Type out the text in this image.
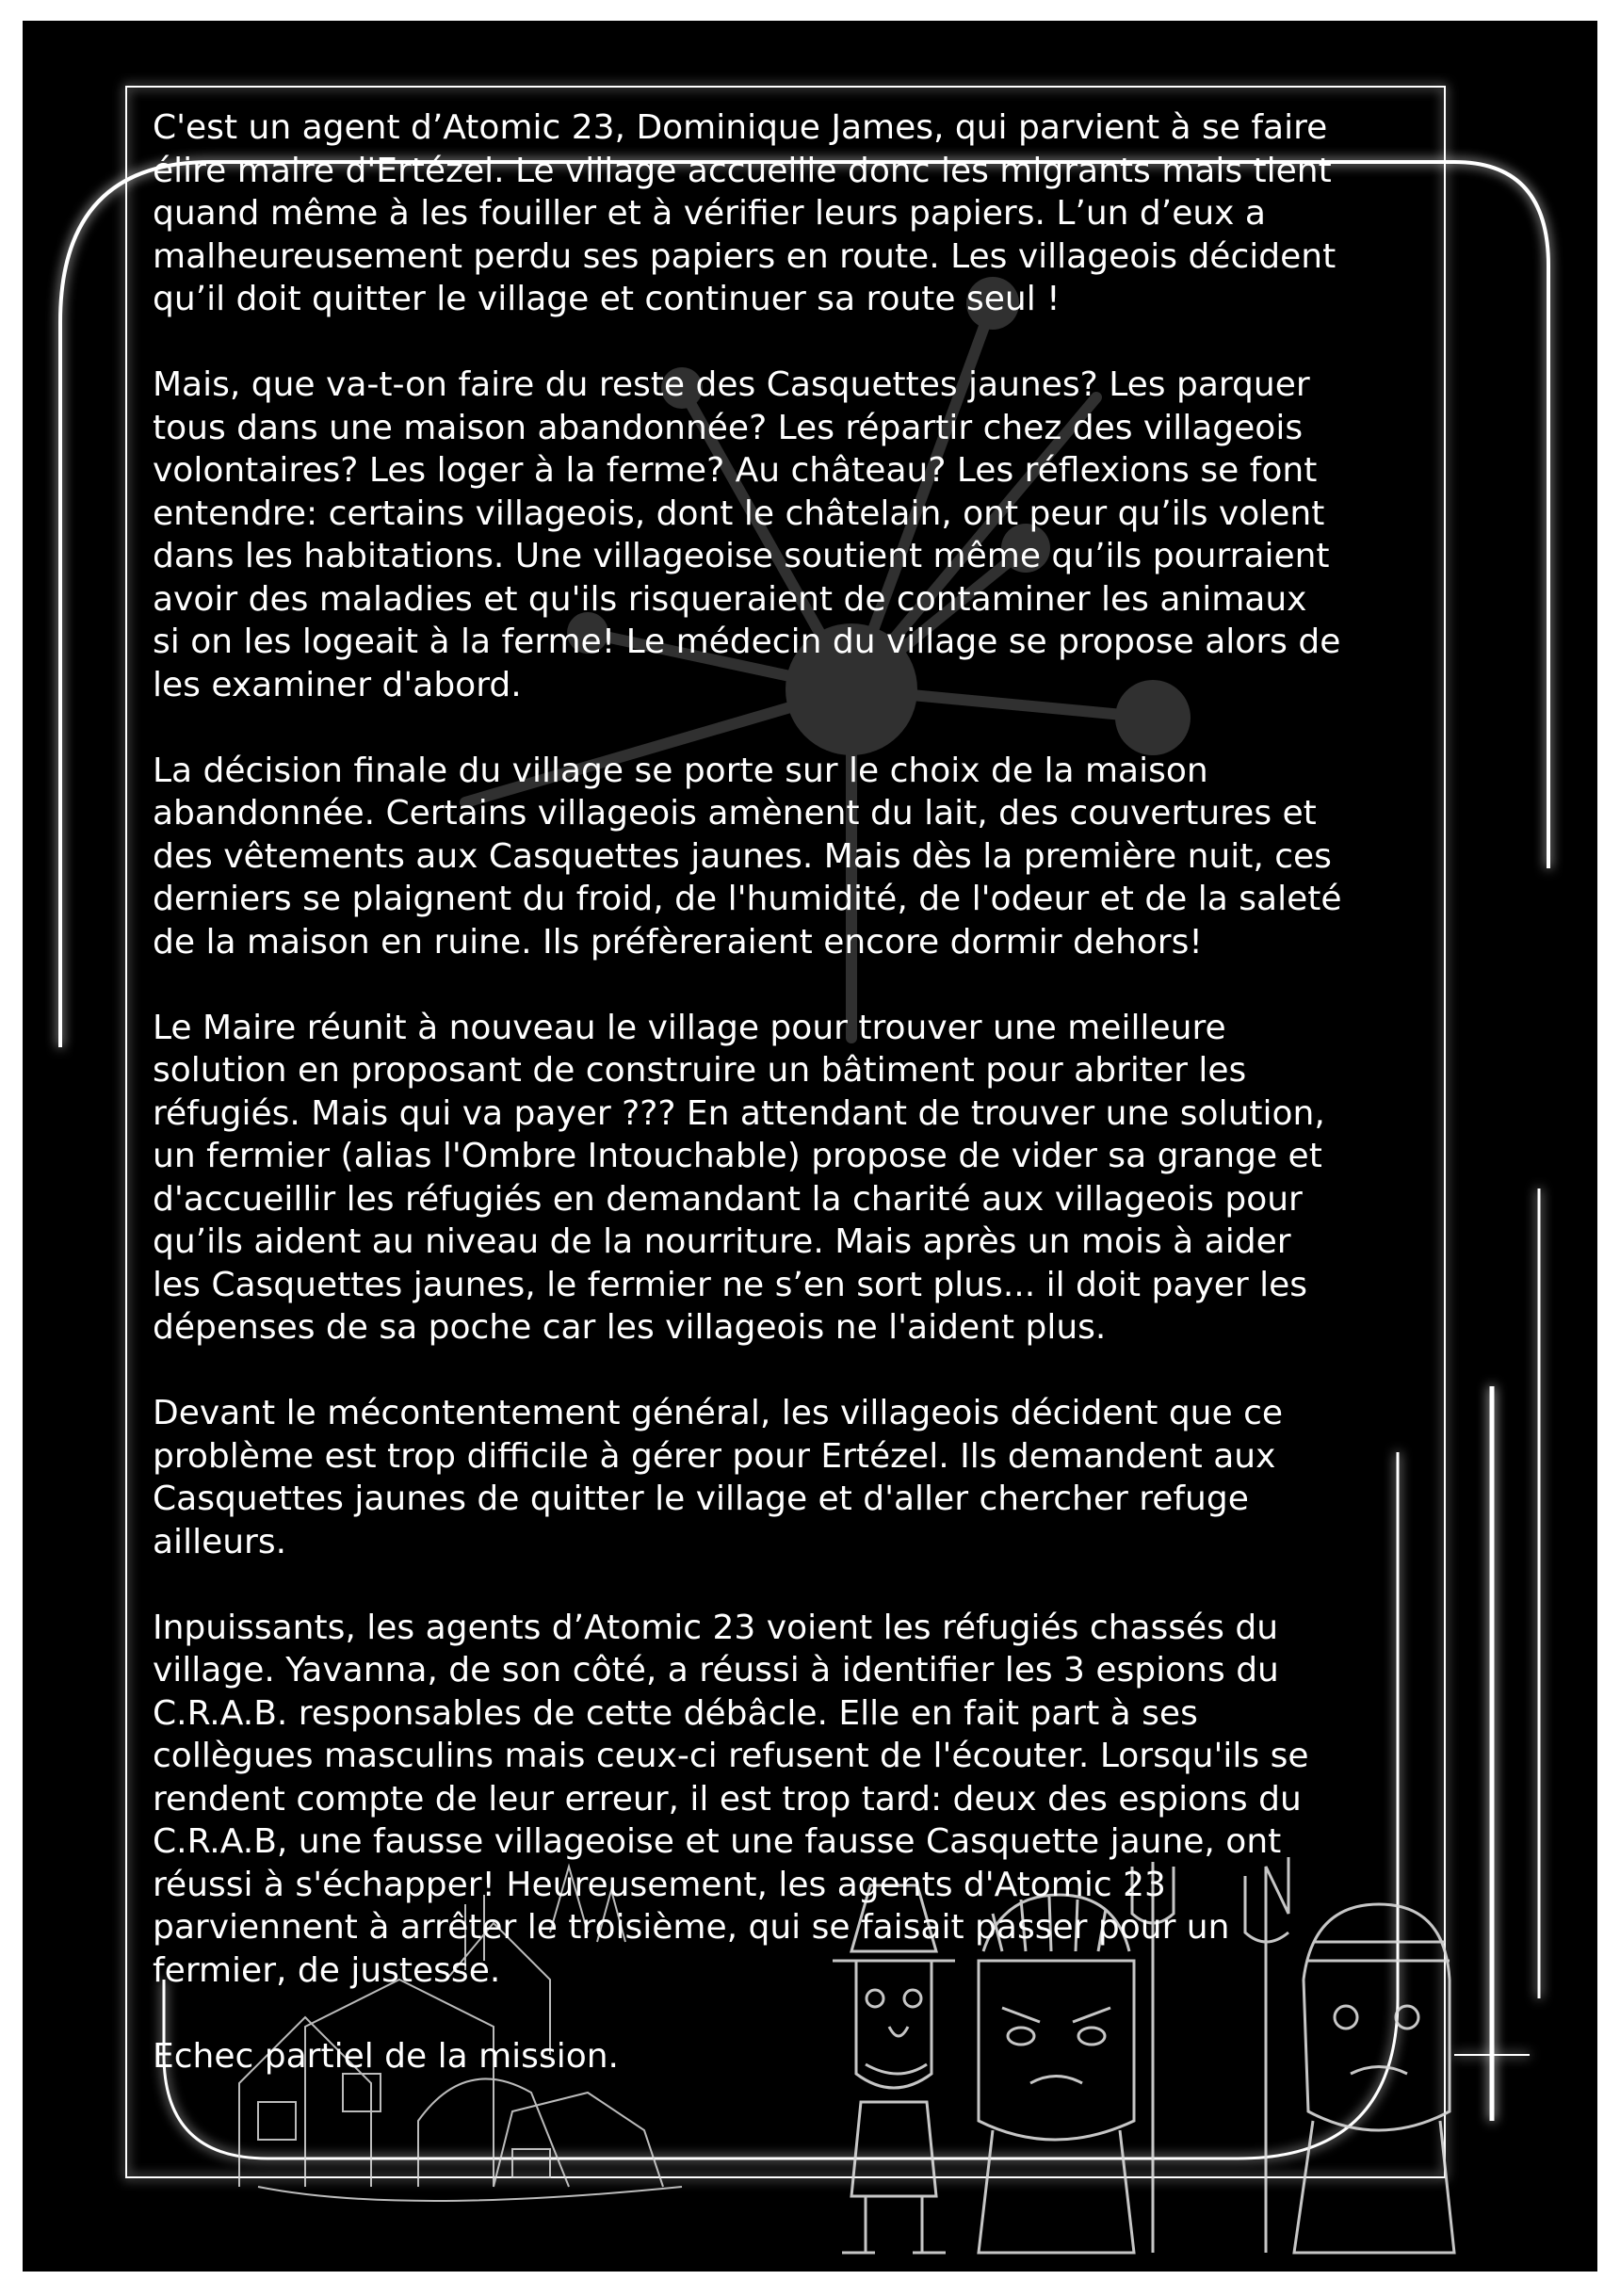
C'est un agent d’Atomic 23, Dominique James, qui parvient à se faire
élire maire d'Ertézel. Le village accueille donc les migrants mais tient
quand même à les fouiller et à vérifier leurs papiers. L’un d’eux a
malheureusement perdu ses papiers en route. Les villageois décident
qu’il doit quitter le village et continuer sa route seul !

Mais, que va-t-on faire du reste des Casquettes jaunes? Les parquer
tous dans une maison abandonnée? Les répartir chez des villageois
volontaires? Les loger à la ferme? Au château? Les réflexions se font
entendre: certains villageois, dont le châtelain, ont peur qu’ils volent
dans les habitations. Une villageoise soutient même qu’ils pourraient
avoir des maladies et qu'ils risqueraient de contaminer les animaux
si on les logeait à la ferme! Le médecin du village se propose alors de
les examiner d'abord.

La décision finale du village se porte sur le choix de la maison
abandonnée. Certains villageois amènent du lait, des couvertures et
des vêtements aux Casquettes jaunes. Mais dès la première nuit, ces
derniers se plaignent du froid, de l'humidité, de l'odeur et de la saleté
de la maison en ruine. Ils préfèreraient encore dormir dehors!

Le Maire réunit à nouveau le village pour trouver une meilleure
solution en proposant de construire un bâtiment pour abriter les
réfugiés. Mais qui va payer ??? En attendant de trouver une solution,
un fermier (alias l'Ombre Intouchable) propose de vider sa grange et
d'accueillir les réfugiés en demandant la charité aux villageois pour
qu’ils aident au niveau de la nourriture. Mais après un mois à aider
les Casquettes jaunes, le fermier ne s’en sort plus... il doit payer les
dépenses de sa poche car les villageois ne l'aident plus.

Devant le mécontentement général, les villageois décident que ce
problème est trop difficile à gérer pour Ertézel. Ils demandent aux
Casquettes jaunes de quitter le village et d'aller chercher refuge
ailleurs.

Inpuissants, les agents d’Atomic 23 voient les réfugiés chassés du
village. Yavanna, de son côté, a réussi à identifier les 3 espions du
C.R.A.B. responsables de cette débâcle. Elle en fait part à ses
collègues masculins mais ceux-ci refusent de l'écouter. Lorsqu'ils se
rendent compte de leur erreur, il est trop tard: deux des espions du
C.R.A.B, une fausse villageoise et une fausse Casquette jaune, ont
réussi à s'échapper! Heureusement, les agents d'Atomic 23
parviennent à arrêter le troisième, qui se faisait passer pour un
fermier, de justesse.

Echec partiel de la mission.
